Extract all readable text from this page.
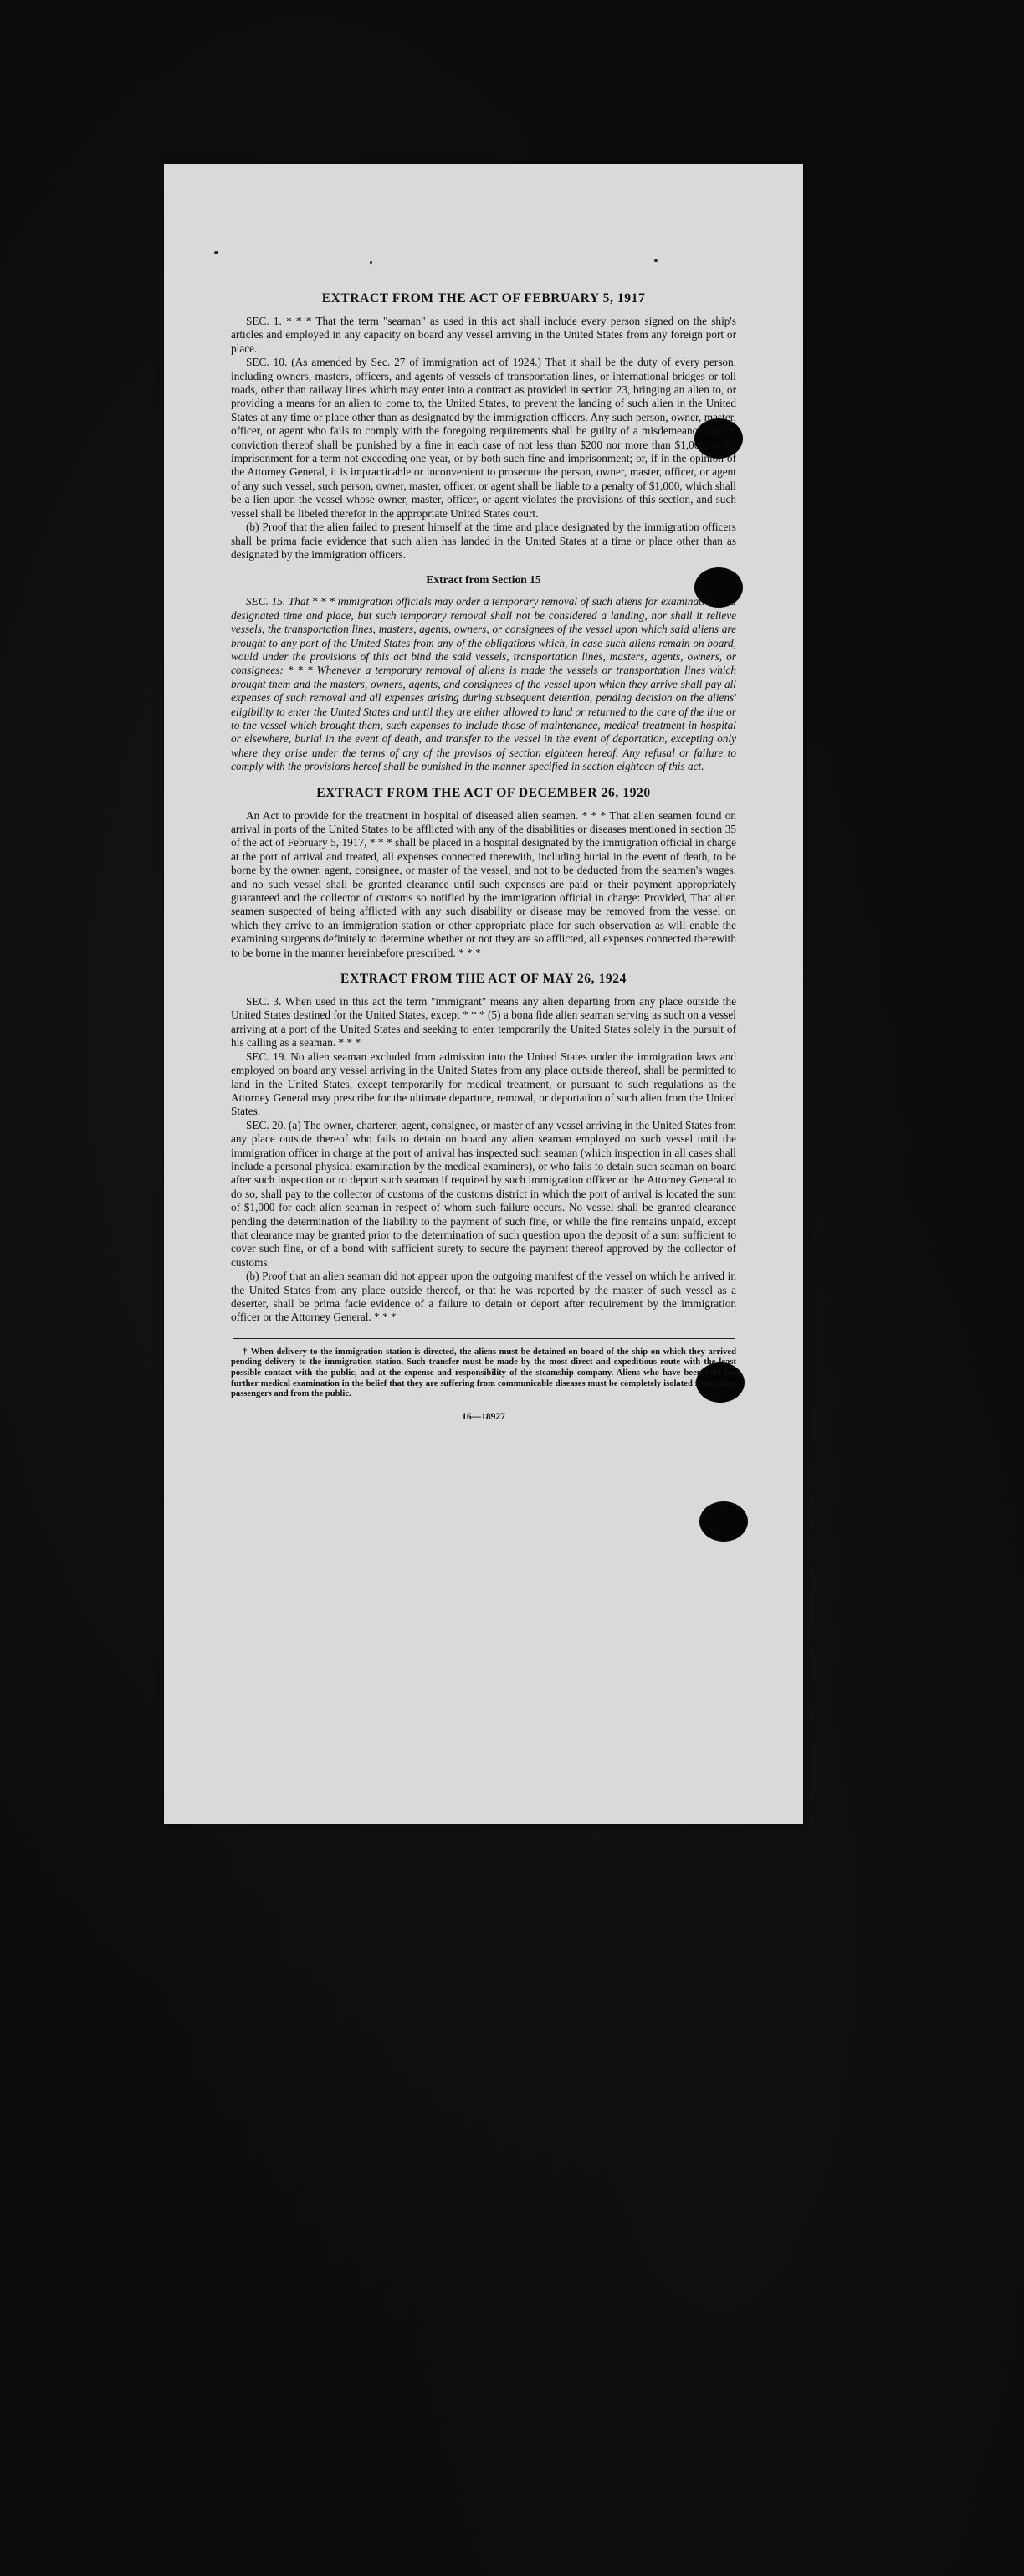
EXTRACT FROM THE ACT OF FEBRUARY 5, 1917

SEC. 1. * * * That the term "seaman" as used in this act shall include every person signed on the ship's articles and employed in any capacity on board any vessel arriving in the United States from any foreign port or place.

SEC. 10. (As amended by Sec. 27 of immigration act of 1924.) That it shall be the duty of every person, including owners, masters, officers, and agents of vessels of transportation lines, or international bridges or toll roads, other than railway lines which may enter into a contract as provided in section 23, bringing an alien to, or providing a means for an alien to come to, the United States, to prevent the landing of such alien in the United States at any time or place other than as designated by the immigration officers. Any such person, owner, master, officer, or agent who fails to comply with the foregoing requirements shall be guilty of a misdemeanor and on conviction thereof shall be punished by a fine in each case of not less than $200 nor more than $1,000, or by imprisonment for a term not exceeding one year, or by both such fine and imprisonment; or, if in the opinion of the Attorney General, it is impracticable or inconvenient to prosecute the person, owner, master, officer, or agent of any such vessel, such person, owner, master, officer, or agent shall be liable to a penalty of $1,000, which shall be a lien upon the vessel whose owner, master, officer, or agent violates the provisions of this section, and such vessel shall be libeled therefor in the appropriate United States court.

(b) Proof that the alien failed to present himself at the time and place designated by the immigration officers shall be prima facie evidence that such alien has landed in the United States at a time or place other than as designated by the immigration officers.

Extract from Section 15

SEC. 15. That * * * immigration officials may order a temporary removal of such aliens for examination at a designated time and place, but such temporary removal shall not be considered a landing, nor shall it relieve vessels, the transportation lines, masters, agents, owners, or consignees of the vessel upon which said aliens are brought to any port of the United States from any of the obligations which, in case such aliens remain on board, would under the provisions of this act bind the said vessels, transportation lines, masters, agents, owners, or consignees: * * * Whenever a temporary removal of aliens is made the vessels or transportation lines which brought them and the masters, owners, agents, and consignees of the vessel upon which they arrive shall pay all expenses of such removal and all expenses arising during subsequent detention, pending decision on the aliens' eligibility to enter the United States and until they are either allowed to land or returned to the care of the line or to the vessel which brought them, such expenses to include those of maintenance, medical treatment in hospital or elsewhere, burial in the event of death, and transfer to the vessel in the event of deportation, excepting only where they arise under the terms of any of the provisos of section eighteen hereof. Any refusal or failure to comply with the provisions hereof shall be punished in the manner specified in section eighteen of this act.

EXTRACT FROM THE ACT OF DECEMBER 26, 1920

An Act to provide for the treatment in hospital of diseased alien seamen. * * * That alien seamen found on arrival in ports of the United States to be afflicted with any of the disabilities or diseases mentioned in section 35 of the act of February 5, 1917, * * * shall be placed in a hospital designated by the immigration official in charge at the port of arrival and treated, all expenses connected therewith, including burial in the event of death, to be borne by the owner, agent, consignee, or master of the vessel, and not to be deducted from the seamen's wages, and no such vessel shall be granted clearance until such expenses are paid or their payment appropriately guaranteed and the collector of customs so notified by the immigration official in charge: Provided, That alien seamen suspected of being afflicted with any such disability or disease may be removed from the vessel on which they arrive to an immigration station or other appropriate place for such observation as will enable the examining surgeons definitely to determine whether or not they are so afflicted, all expenses connected therewith to be borne in the manner hereinbefore prescribed. * * *

EXTRACT FROM THE ACT OF MAY 26, 1924

SEC. 3. When used in this act the term "immigrant" means any alien departing from any place outside the United States destined for the United States, except * * * (5) a bona fide alien seaman serving as such on a vessel arriving at a port of the United States and seeking to enter temporarily the United States solely in the pursuit of his calling as a seaman. * * *

SEC. 19. No alien seaman excluded from admission into the United States under the immigration laws and employed on board any vessel arriving in the United States from any place outside thereof, shall be permitted to land in the United States, except temporarily for medical treatment, or pursuant to such regulations as the Attorney General may prescribe for the ultimate departure, removal, or deportation of such alien from the United States.

SEC. 20. (a) The owner, charterer, agent, consignee, or master of any vessel arriving in the United States from any place outside thereof who fails to detain on board any alien seaman employed on such vessel until the immigration officer in charge at the port of arrival has inspected such seaman (which inspection in all cases shall include a personal physical examination by the medical examiners), or who fails to detain such seaman on board after such inspection or to deport such seaman if required by such immigration officer or the Attorney General to do so, shall pay to the collector of customs of the customs district in which the port of arrival is located the sum of $1,000 for each alien seaman in respect of whom such failure occurs. No vessel shall be granted clearance pending the determination of the liability to the payment of such fine, or while the fine remains unpaid, except that clearance may be granted prior to the determination of such question upon the deposit of a sum sufficient to cover such fine, or of a bond with sufficient surety to secure the payment thereof approved by the collector of customs.

(b) Proof that an alien seaman did not appear upon the outgoing manifest of the vessel on which he arrived in the United States from any place outside thereof, or that he was reported by the master of such vessel as a deserter, shall be prima facie evidence of a failure to detain or deport after requirement by the immigration officer or the Attorney General. * * *

† When delivery to the immigration station is directed, the aliens must be detained on board of the ship on which they arrived pending delivery to the immigration station. Such transfer must be made by the most direct and expeditious route with the least possible contact with the public, and at the expense and responsibility of the steamship company. Aliens who have been held for further medical examination in the belief that they are suffering from communicable diseases must be completely isolated from other passengers and from the public.

16—18927
